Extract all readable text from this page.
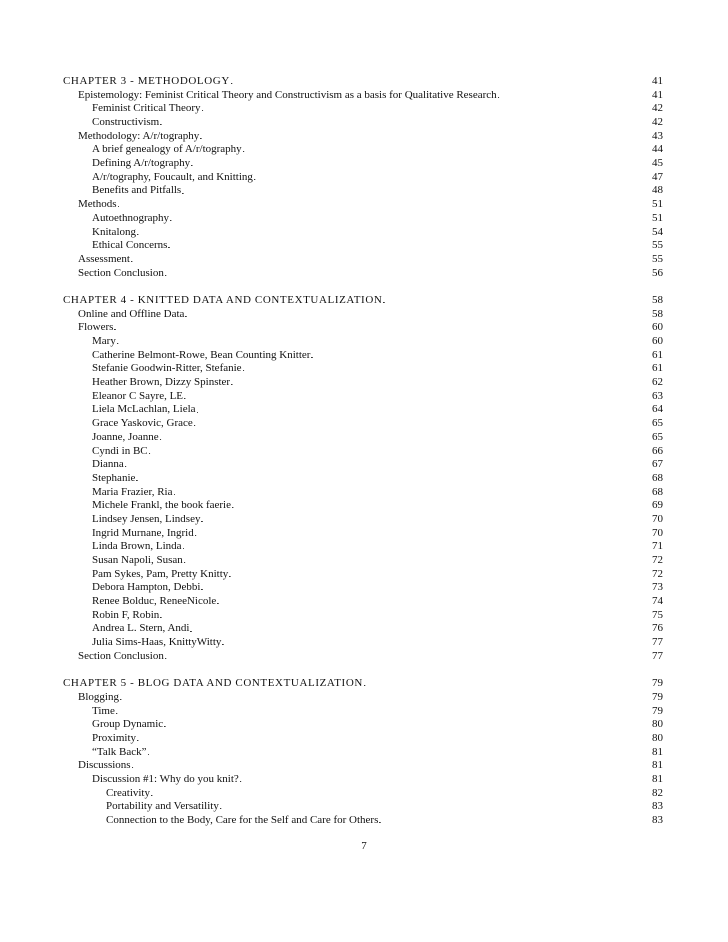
CHAPTER 3 - METHODOLOGY . . .	41
Epistemology: Feminist Critical Theory and Constructivism as a basis for Qualitative Research . . .	41
Feminist Critical Theory . . .	42
Constructivism . . .	42
Methodology: A/r/tography . . .	43
A brief genealogy of A/r/tography . . .	44
Defining A/r/tography . . .	45
A/r/tography, Foucault, and Knitting . . .	47
Benefits and Pitfalls . . .	48
Methods . . .	51
Autoethnography . . .	51
Knitalong . . .	54
Ethical Concerns . . .	55
Assessment . . .	55
Section Conclusion . . .	56
CHAPTER 4 - KNITTED DATA AND CONTEXTUALIZATION . . .	58
Online and Offline Data . . .	58
Flowers . . .	60
Mary . . .	60
Catherine Belmont-Rowe, Bean Counting Knitter . . .	61
Stefanie Goodwin-Ritter, Stefanie . . .	61
Heather Brown, Dizzy Spinster . . .	62
Eleanor C Sayre, LE . . .	63
Liela McLachlan, Liela . . .	64
Grace Yaskovic, Grace . . .	65
Joanne, Joanne . . .	65
Cyndi in BC . . .	66
Dianna . . .	67
Stephanie . . .	68
Maria Frazier, Ria . . .	68
Michele Frankl, the book faerie . . .	69
Lindsey Jensen, Lindsey . . .	70
Ingrid Murnane, Ingrid . . .	70
Linda Brown, Linda . . .	71
Susan Napoli, Susan . . .	72
Pam Sykes, Pam, Pretty Knitty . . .	72
Debora Hampton, Debbi . . .	73
Renee Bolduc, ReneeNicole . . .	74
Robin F, Robin . . .	75
Andrea L. Stern, Andi . . .	76
Julia Sims-Haas, KnittyWitty . . .	77
Section Conclusion . . .	77
CHAPTER 5 - BLOG DATA AND CONTEXTUALIZATION . . .	79
Blogging . . .	79
Time . . .	79
Group Dynamic . . .	80
Proximity . . .	80
“Talk Back” . . .	81
Discussions . . .	81
Discussion #1: Why do you knit? . . .	81
Creativity . . .	82
Portability and Versatility . . .	83
Connection to the Body, Care for the Self and Care for Others . . .	83
7
